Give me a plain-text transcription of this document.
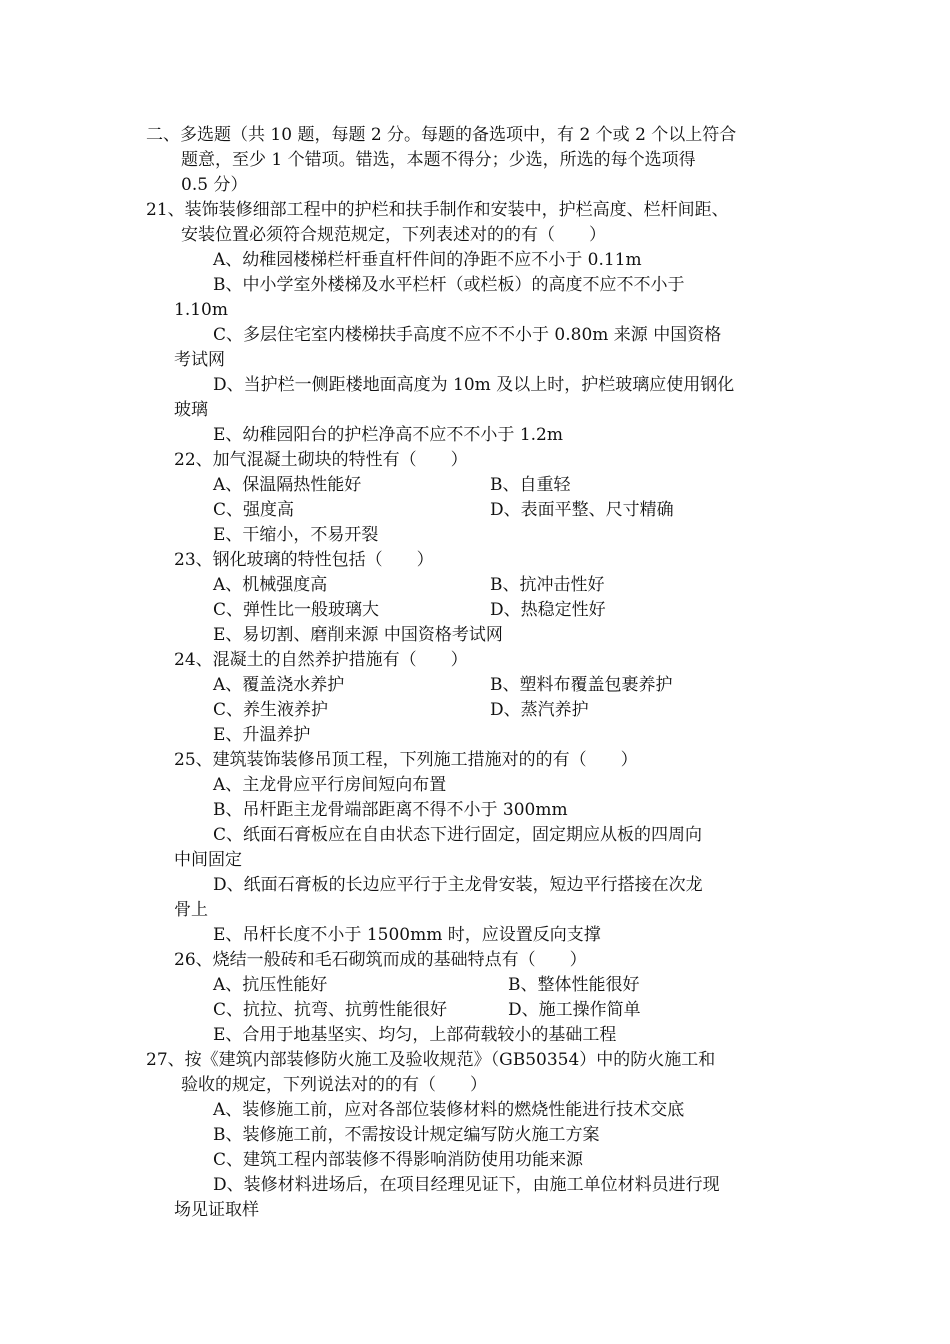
二、多选题（共 10 题，每题 2 分。每题的备选项中，有 2 个或 2 个以上符合
题意，至少 1 个错项。错选，本题不得分；少选，所选的每个选项得
0.5 分）
21、装饰装修细部工程中的护栏和扶手制作和安装中，护栏高度、栏杆间距、
安装位置必须符合规范规定，下列表述对的的有（　　）
A、幼稚园楼梯栏杆垂直杆件间的净距不应不小于 0.11m
B、中小学室外楼梯及水平栏杆（或栏板）的高度不应不不小于
1.10m
C、多层住宅室内楼梯扶手高度不应不不小于 0.80m 来源 中国资格
考试网
D、当护栏一侧距楼地面高度为 10m 及以上时，护栏玻璃应使用钢化
玻璃
E、幼稚园阳台的护栏净高不应不不小于 1.2m
22、加气混凝土砌块的特性有（　　）
A、保温隔热性能好	B、自重轻
C、强度高	D、表面平整、尺寸精确
E、干缩小，不易开裂
23、钢化玻璃的特性包括（　　）
A、机械强度高	B、抗冲击性好
C、弹性比一般玻璃大	D、热稳定性好
E、易切割、磨削来源 中国资格考试网
24、混凝土的自然养护措施有（　　）
A、覆盖浇水养护	B、塑料布覆盖包裹养护
C、养生液养护	D、蒸汽养护
E、升温养护
25、建筑装饰装修吊顶工程，下列施工措施对的的有（　　）
A、主龙骨应平行房间短向布置
B、吊杆距主龙骨端部距离不得不小于 300mm
C、纸面石膏板应在自由状态下进行固定，固定期应从板的四周向
中间固定
D、纸面石膏板的长边应平行于主龙骨安装，短边平行搭接在次龙
骨上
E、吊杆长度不小于 1500mm 时，应设置反向支撑
26、烧结一般砖和毛石砌筑而成的基础特点有（　　）
A、抗压性能好	B、整体性能很好
C、抗拉、抗弯、抗剪性能很好	D、施工操作简单
E、合用于地基坚实、均匀，上部荷载较小的基础工程
27、按《建筑内部装修防火施工及验收规范》（GB50354）中的防火施工和
验收的规定，下列说法对的的有（　　）
A、装修施工前，应对各部位装修材料的燃烧性能进行技术交底
B、装修施工前，不需按设计规定编写防火施工方案
C、建筑工程内部装修不得影响消防使用功能来源
D、装修材料进场后，在项目经理见证下，由施工单位材料员进行现
场见证取样
